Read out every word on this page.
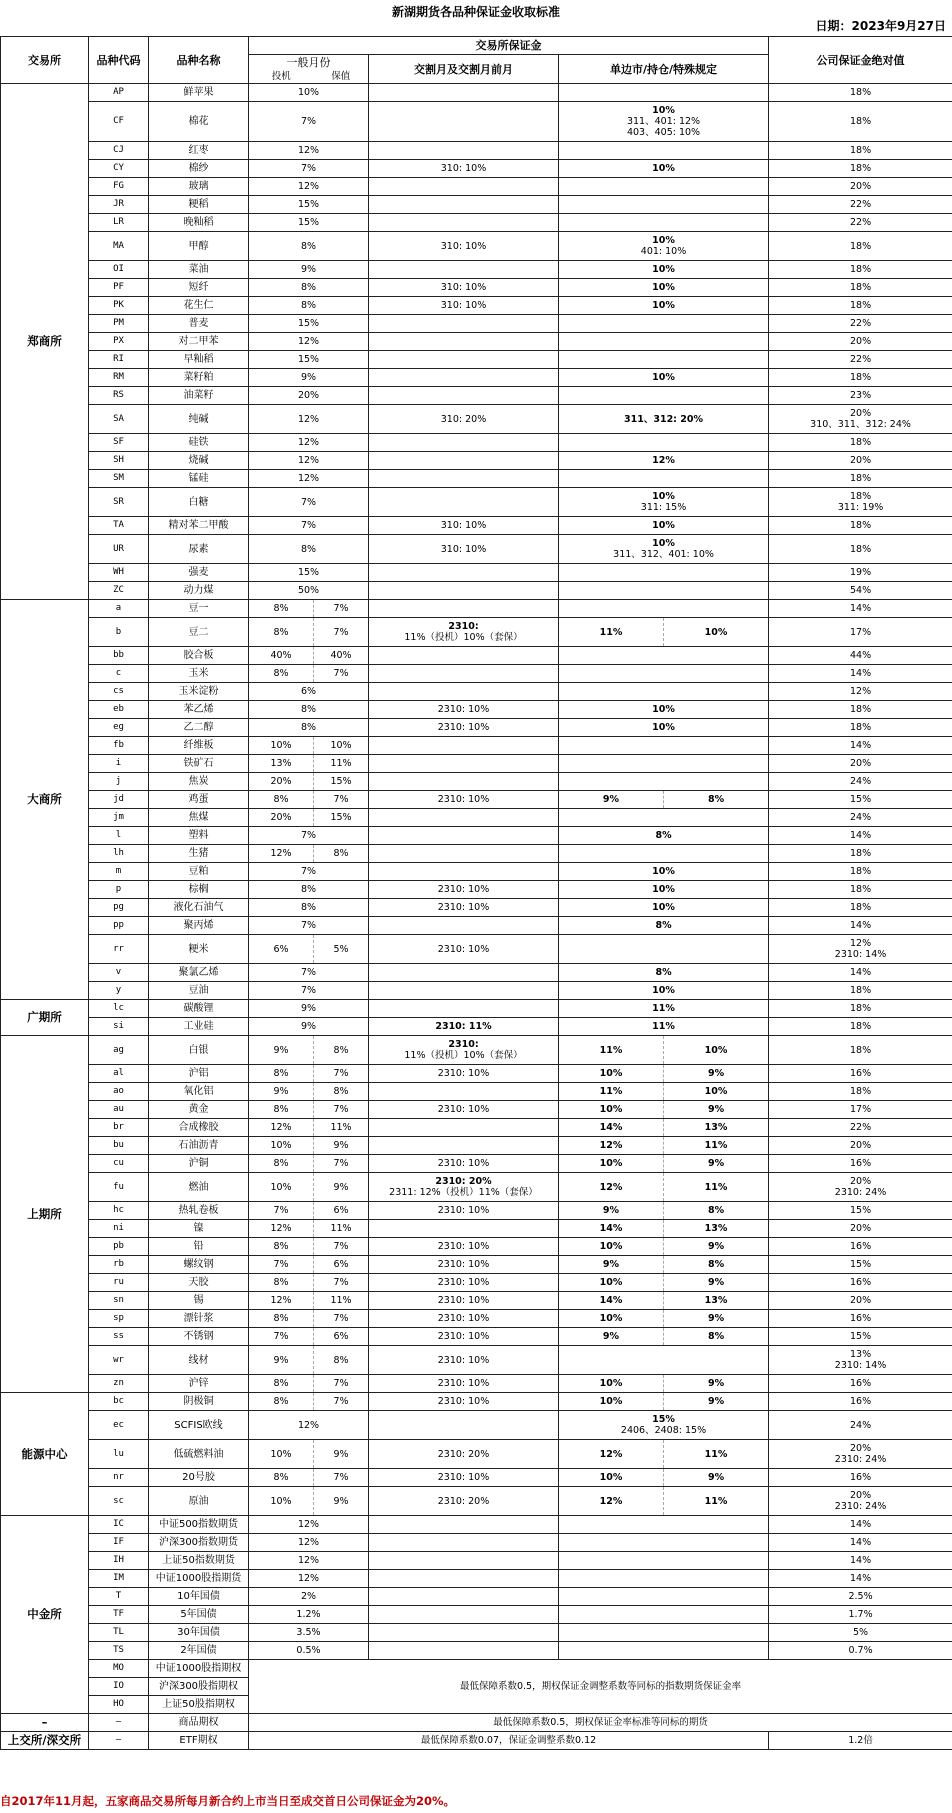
新湖期货各品种保证金收取标准
日期：2023年9月27日
交易所	品种代码	品种名称	交易所保证金					公司保证金绝对值
			一般月份		交割月及交割月前月	单边市/持仓/特殊规定		
			投机	保值				

郑商所	AP	鲜苹果	10%					18%

	CF	棉花	7%			10%
311、401: 12%
403、405: 10%		18%

	CJ	红枣	12%					18%

	CY	棉纱	7%		310: 10%	10%		18%

	FG	玻璃	12%					20%

	JR	粳稻	15%					22%

	LR	晚籼稻	15%					22%

	MA	甲醇	8%		310: 10%	10%
401: 10%		18%

	OI	菜油	9%			10%		18%

	PF	短纤	8%		310: 10%	10%		18%

	PK	花生仁	8%		310: 10%	10%		18%

	PM	普麦	15%					22%

	PX	对二甲苯	12%					20%

	RI	早籼稻	15%					22%

	RM	菜籽粕	9%			10%		18%

	RS	油菜籽	20%					23%

	SA	纯碱	12%		310: 20%	311、312: 20%		20%
310、311、312: 24%

	SF	硅铁	12%					18%

	SH	烧碱	12%			12%		20%

	SM	锰硅	12%					18%

	SR	白糖	7%			10%
311: 15%		18%
311: 19%

	TA	精对苯二甲酸	7%		310: 10%	10%		18%

	UR	尿素	8%		310: 10%	10%
311、312、401: 10%		18%

	WH	强麦	15%					19%

	ZC	动力煤	50%					54%

大商所	a	豆一	8%	7%				14%

	b	豆二	8%	7%	2310:
11%（投机）10%（套保）	11%	10%	17%

	bb	胶合板	40%	40%				44%

	c	玉米	8%	7%				14%

	cs	玉米淀粉	6%					12%

	eb	苯乙烯	8%		2310: 10%	10%		18%

	eg	乙二醇	8%		2310: 10%	10%		18%

	fb	纤维板	10%	10%				14%

	i	铁矿石	13%	11%				20%

	j	焦炭	20%	15%				24%

	jd	鸡蛋	8%	7%	2310: 10%	9%	8%	15%

	jm	焦煤	20%	15%				24%

	l	塑料	7%			8%		14%

	lh	生猪	12%	8%				18%

	m	豆粕	7%			10%		18%

	p	棕榈	8%		2310: 10%	10%		18%

	pg	液化石油气	8%		2310: 10%	10%		18%

	pp	聚丙烯	7%			8%		14%

	rr	粳米	6%	5%	2310: 10%			12%
2310: 14%

	v	聚氯乙烯	7%			8%		14%

	y	豆油	7%			10%		18%

广期所	lc	碳酸锂	9%			11%		18%

	si	工业硅	9%		2310: 11%	11%		18%

上期所	ag	白银	9%	8%	2310:
11%（投机）10%（套保）	11%	10%	18%

	al	沪铝	8%	7%	2310: 10%	10%	9%	16%

	ao	氧化铝	9%	8%		11%	10%	18%

	au	黄金	8%	7%	2310: 10%	10%	9%	17%

	br	合成橡胶	12%	11%		14%	13%	22%

	bu	石油沥青	10%	9%		12%	11%	20%

	cu	沪铜	8%	7%	2310: 10%	10%	9%	16%

	fu	燃油	10%	9%	2310: 20%
2311: 12%（投机）11%（套保）	12%	11%	20%
2310: 24%

	hc	热轧卷板	7%	6%	2310: 10%	9%	8%	15%

	ni	镍	12%	11%		14%	13%	20%

	pb	铅	8%	7%	2310: 10%	10%	9%	16%

	rb	螺纹钢	7%	6%	2310: 10%	9%	8%	15%

	ru	天胶	8%	7%	2310: 10%	10%	9%	16%

	sn	锡	12%	11%	2310: 10%	14%	13%	20%

	sp	漂针浆	8%	7%	2310: 10%	10%	9%	16%

	ss	不锈钢	7%	6%	2310: 10%	9%	8%	15%

	wr	线材	9%	8%	2310: 10%			13%
2310: 14%

	zn	沪锌	8%	7%	2310: 10%	10%	9%	16%

能源中心	bc	阴极铜	8%	7%	2310: 10%	10%	9%	16%

	ec	SCFIS欧线	12%			15%
2406、2408: 15%		24%

	lu	低硫燃料油	10%	9%	2310: 20%	12%	11%	20%
2310: 24%

	nr	20号胶	8%	7%	2310: 10%	10%	9%	16%

	sc	原油	10%	9%	2310: 20%	12%	11%	20%
2310: 24%

中金所	IC	中证500指数期货	12%					14%

	IF	沪深300指数期货	12%					14%

	IH	上证50指数期货	12%					14%

	IM	中证1000股指期货	12%					14%

	T	10年国债	2%					2.5%

	TF	5年国债	1.2%					1.7%

	TL	30年国债	3.5%					5%

	TS	2年国债	0.5%					0.7%

	MO	中证1000股指期权	最低保障系数0.5，期权保证金调整系数等同标的指数期货保证金率					

	IO	沪深300股指期权						

	HO	上证50股指期权						

–	–	商品期权	最低保障系数0.5，期权保证金率标准等同标的期货					

上交所/深交所	–	ETF期权	最低保障系数0.07，保证金调整系数0.12					1.2倍
自2017年11月起，五家商品交易所每月新合约上市当日至成交首日公司保证金为20%。
